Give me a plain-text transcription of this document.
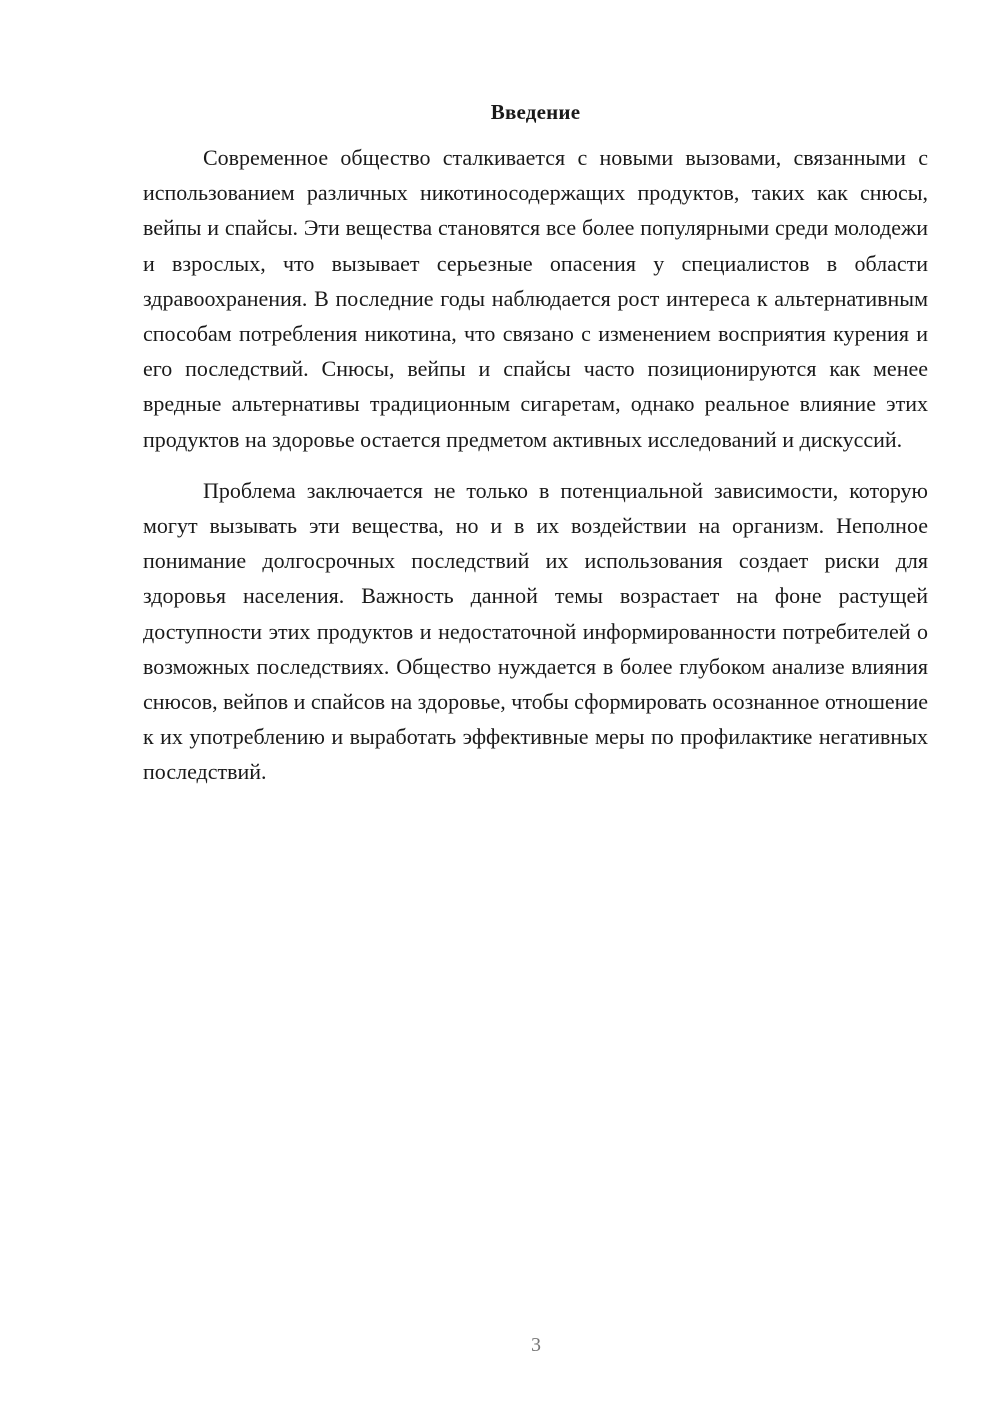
Введение

Современное общество сталкивается с новыми вызовами, связанными с использованием различных никотиносодержащих продуктов, таких как снюсы, вейпы и спайсы. Эти вещества становятся все более популярными среди молодежи и взрослых, что вызывает серьезные опасения у специалистов в области здравоохранения. В последние годы наблюдается рост интереса к альтернативным способам потребления никотина, что связано с изменением восприятия курения и его последствий. Снюсы, вейпы и спайсы часто позиционируются как менее вредные альтернативы традиционным сигаретам, однако реальное влияние этих продуктов на здоровье остается предметом активных исследований и дискуссий.

Проблема заключается не только в потенциальной зависимости, которую могут вызывать эти вещества, но и в их воздействии на организм. Неполное понимание долгосрочных последствий их использования создает риски для здоровья населения. Важность данной темы возрастает на фоне растущей доступности этих продуктов и недостаточной информированности потребителей о возможных последствиях. Общество нуждается в более глубоком анализе влияния снюсов, вейпов и спайсов на здоровье, чтобы сформировать осознанное отношение к их употреблению и выработать эффективные меры по профилактике негативных последствий.

3
